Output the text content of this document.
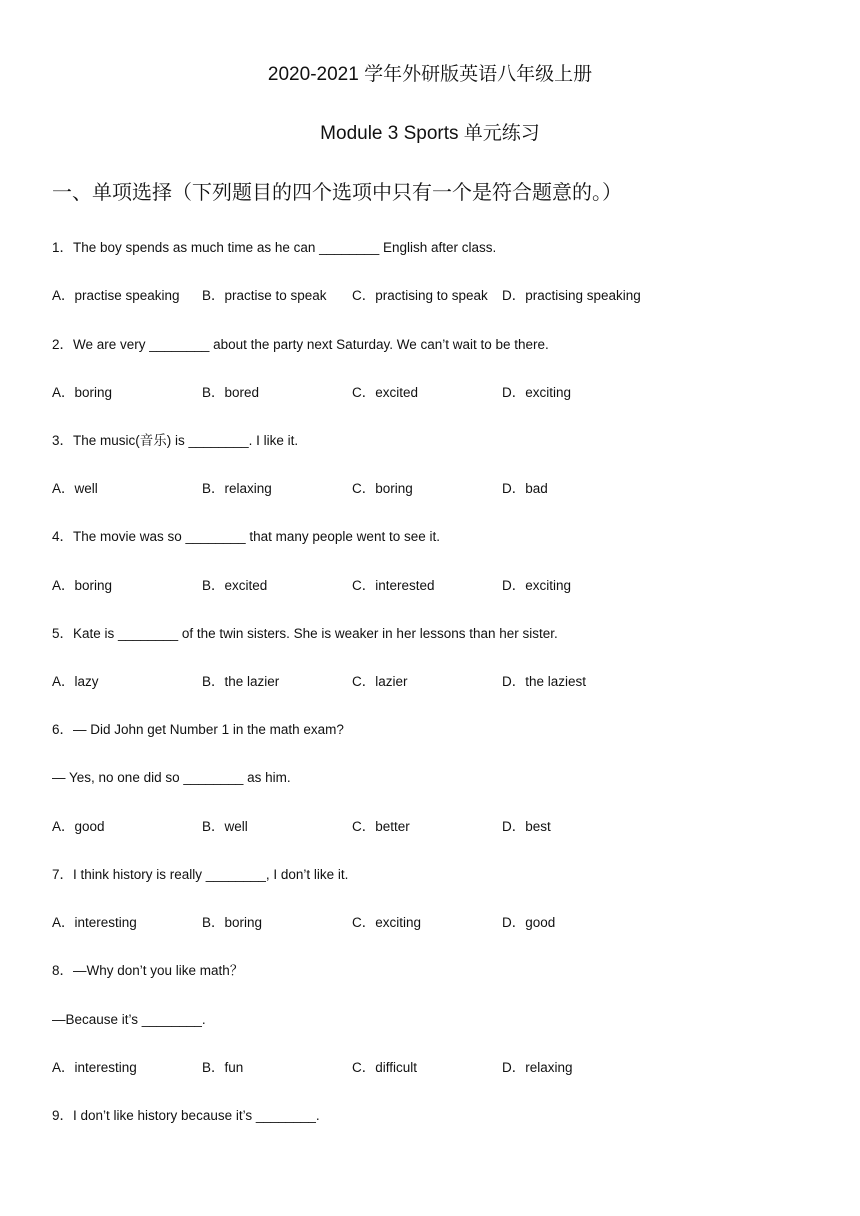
2020-2021 学年外研版英语八年级上册
Module 3 Sports 单元练习
一、单项选择（下列题目的四个选项中只有一个是符合题意的。）
1．The boy spends as much time as he can ________ English after class.
A．practise speaking B．practise to speak C．practising to speak D．practising speaking
2．We are very ________ about the party next Saturday. We can’t wait to be there.
A．boring	B．bored	C．excited	D．exciting
3．The music(音乐) is ________. I like it.
A．well	B．relaxing	C．boring	D．bad
4．The movie was so ________ that many people went to see it.
A．boring	B．excited	C．interested	D．exciting
5．Kate is ________ of the twin sisters. She is weaker in her lessons than her sister.
A．lazy	B．the lazier	C．lazier	D．the laziest
6．— Did John get Number 1 in the math exam?
— Yes, no one did so ________ as him.
A．good	B．well	C．better	D．best
7．I think history is really ________, I don’t like it.
A．interesting	B．boring	C．exciting	D．good
8．—Why don’t you like math？
—Because it’s ________.
A．interesting	B．fun	C．difficult	D．relaxing
9．I don’t like history because it’s ________.
